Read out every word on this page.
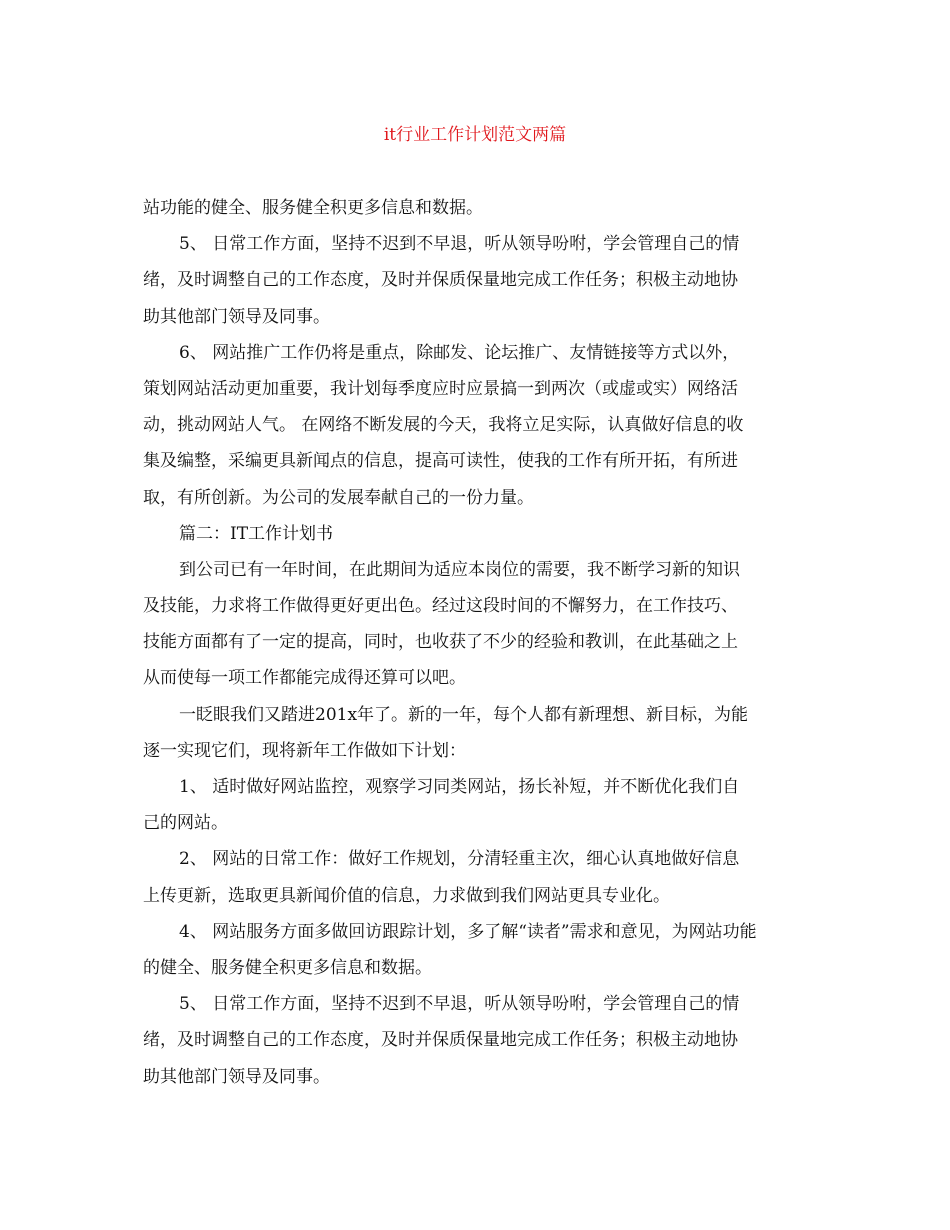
it行业工作计划范文两篇
站功能的健全、服务健全积更多信息和数据。
5、 日常工作方面，坚持不迟到不早退，听从领导吩咐，学会管理自己的情
绪，及时调整自己的工作态度，及时并保质保量地完成工作任务；积极主动地协
助其他部门领导及同事。
6、 网站推广工作仍将是重点，除邮发、论坛推广、友情链接等方式以外，
策划网站活动更加重要，我计划每季度应时应景搞一到两次（或虚或实）网络活
动，挑动网站人气。 在网络不断发展的今天，我将立足实际，认真做好信息的收
集及编整，采编更具新闻点的信息，提高可读性，使我的工作有所开拓，有所进
取，有所创新。为公司的发展奉献自己的一份力量。
篇二：IT工作计划书
到公司已有一年时间，在此期间为适应本岗位的需要，我不断学习新的知识
及技能，力求将工作做得更好更出色。经过这段时间的不懈努力，在工作技巧、
技能方面都有了一定的提高，同时，也收获了不少的经验和教训，在此基础之上
从而使每一项工作都能完成得还算可以吧。
一眨眼我们又踏进201x年了。新的一年，每个人都有新理想、新目标，为能
逐一实现它们，现将新年工作做如下计划：
1、 适时做好网站监控，观察学习同类网站，扬长补短，并不断优化我们自
己的网站。
2、 网站的日常工作：做好工作规划，分清轻重主次，细心认真地做好信息
上传更新，选取更具新闻价值的信息，力求做到我们网站更具专业化。
4、 网站服务方面多做回访跟踪计划，多了解“读者”需求和意见，为网站功能
的健全、服务健全积更多信息和数据。
5、 日常工作方面，坚持不迟到不早退，听从领导吩咐，学会管理自己的情
绪，及时调整自己的工作态度，及时并保质保量地完成工作任务；积极主动地协
助其他部门领导及同事。
